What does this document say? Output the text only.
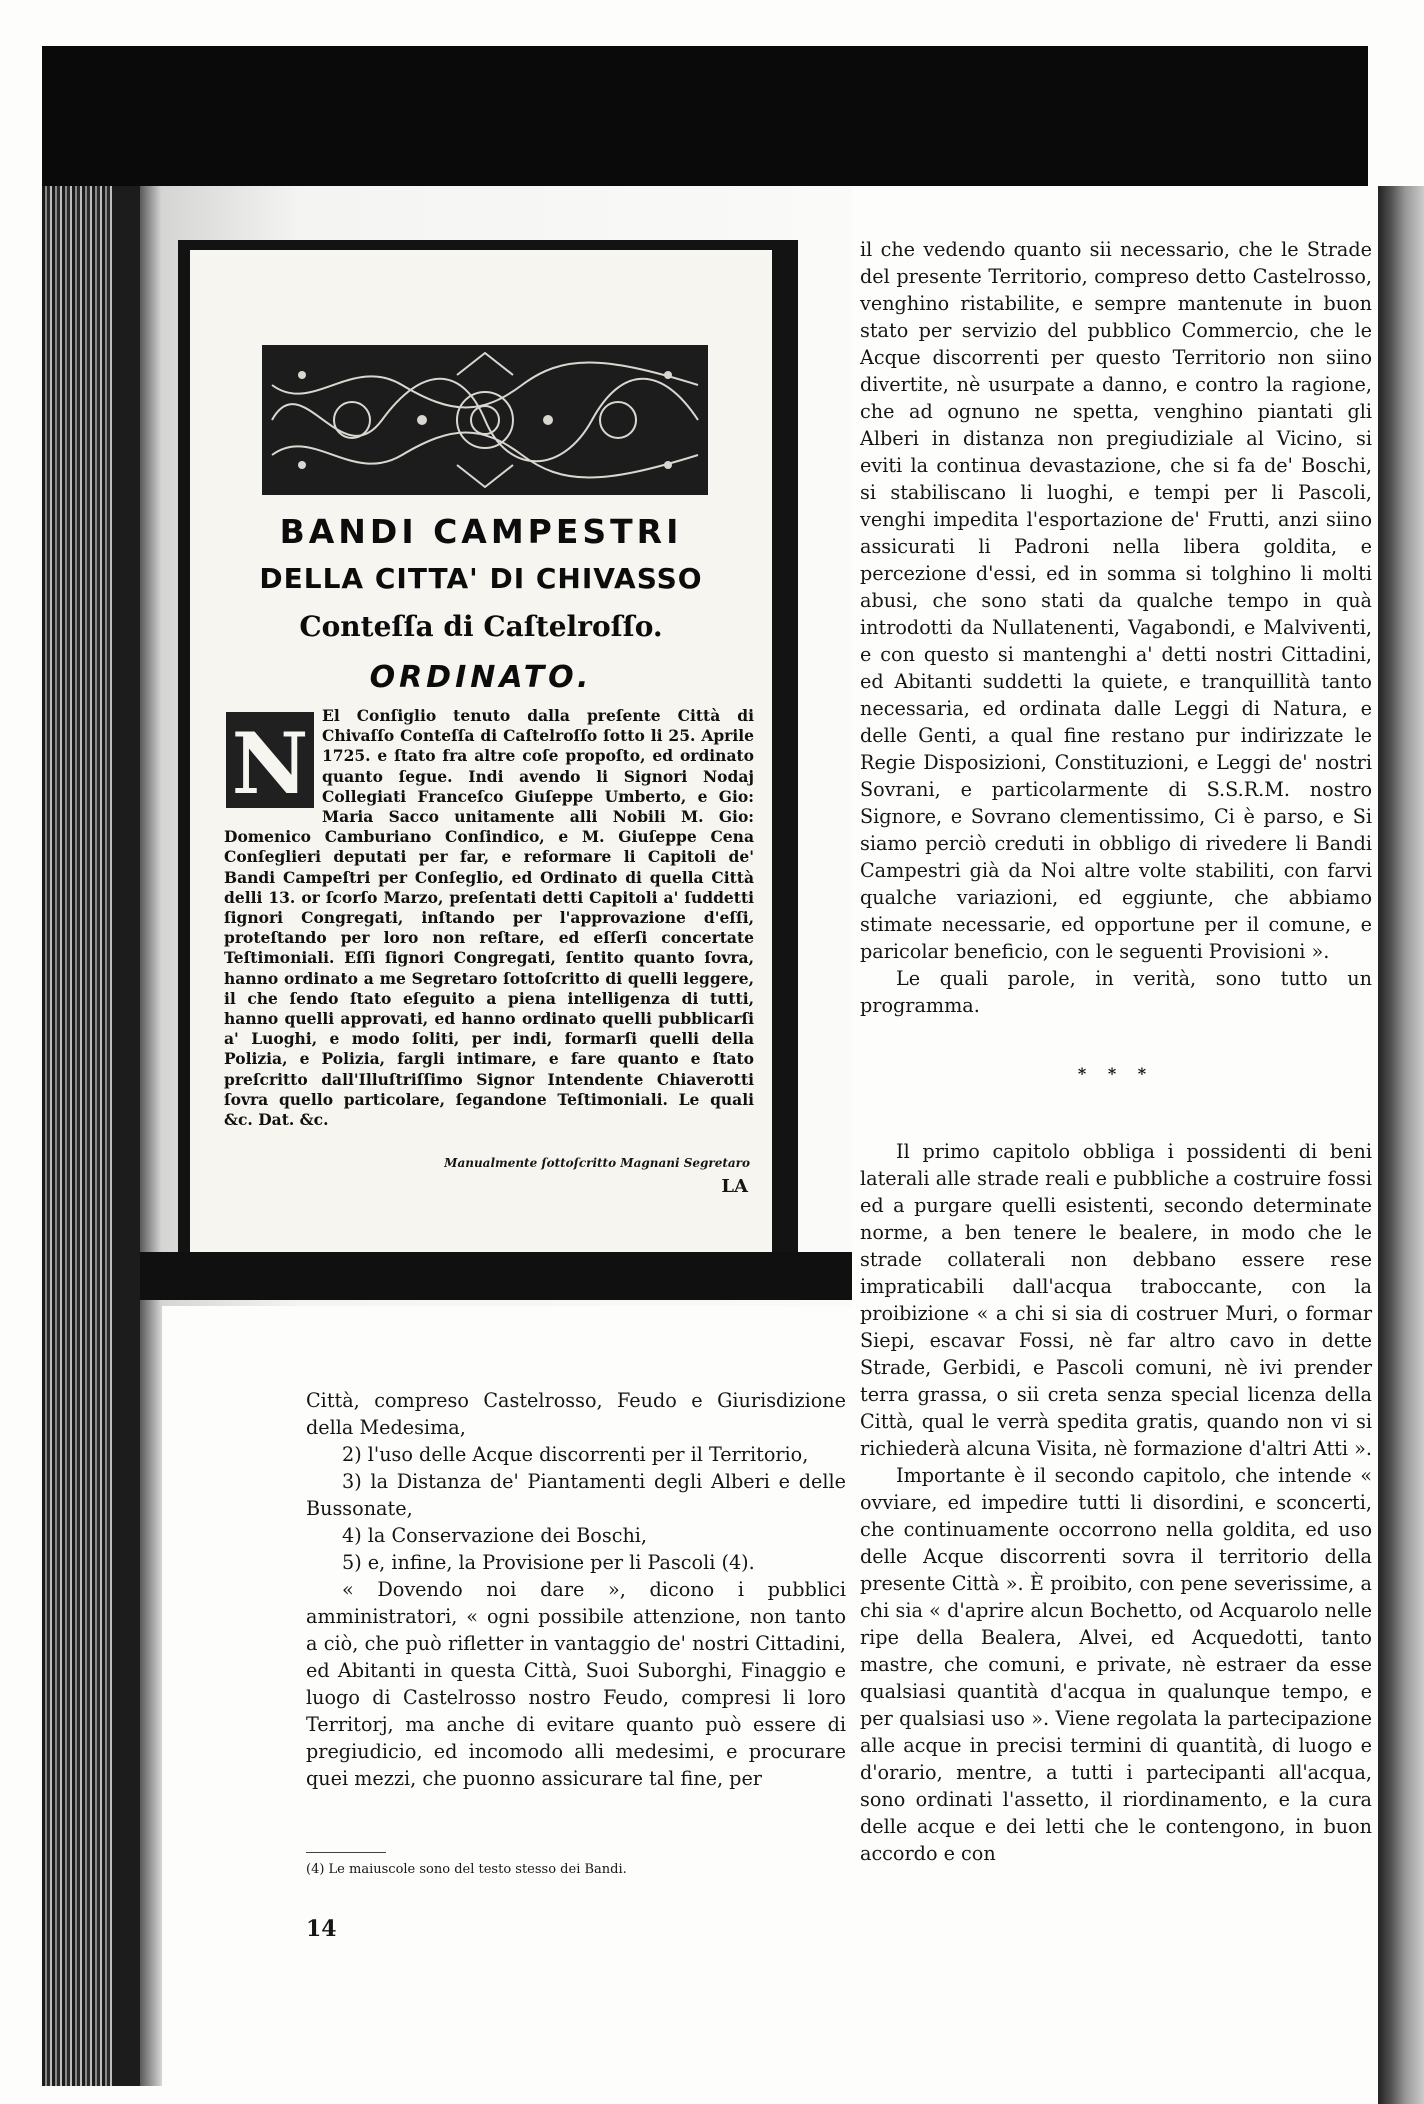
BANDI CAMPESTRI
DELLA CITTA' DI CHIVASSO
Conteſſa di Caſtelroſſo.
ORDINATO.
N El Conſiglio tenuto dalla preſente Città di Chivaſſo Conteſſa di Caſtelroſſo ſotto li 25. Aprile 1725. e ſtato fra altre coſe propoſto, ed ordinato quanto ſegue. Indi avendo li Signori Nodaj Collegiati Franceſco Giuſeppe Umberto, e Gio: Maria Sacco unitamente alli Nobili M. Gio: Domenico Camburiano Conſindico, e M. Giuſeppe Cena Conſeglieri deputati per far, e reformare li Capitoli de' Bandi Campeſtri per Conſeglio, ed Ordinato di quella Città delli 13. or ſcorſo Marzo, preſentati detti Capitoli a' ſuddetti ſignori Congregati, inſtando per l'approvazione d'eſſi, proteſtando per loro non reſtare, ed eſſerſi concertate Teſtimoniali. Eſſi ſignori Congregati, ſentito quanto ſovra, hanno ordinato a me Segretaro ſottoſcritto di quelli leggere, il che ſendo ſtato eſeguito a piena intelligenza di tutti, hanno quelli approvati, ed hanno ordinato quelli pubblicarſi a' Luoghi, e modo ſoliti, per indi, formarſi quelli della Polizia, e Polizia, fargli intimare, e fare quanto e ſtato preſcritto dall'Illuſtriſſimo Signor Intendente Chiaverotti ſovra quello particolare, ſegandone Teſtimoniali. Le quali &c. Dat. &c.
Manualmente ſottoſcritto Magnani Segretaro
LA

Città, compreso Castelrosso, Feudo e Giurisdizione della Medesima,

2) l'uso delle Acque discorrenti per il Territorio,

3) la Distanza de' Piantamenti degli Alberi e delle Bussonate,

4) la Conservazione dei Boschi,

5) e, infine, la Provisione per li Pascoli (4).

« Dovendo noi dare », dicono i pubblici amministratori, « ogni possibile attenzione, non tanto a ciò, che può rifletter in vantaggio de' nostri Cittadini, ed Abitanti in questa Città, Suoi Suborghi, Finaggio e luogo di Castelrosso nostro Feudo, compresi li loro Territorj, ma anche di evitare quanto può essere di pregiudicio, ed incomodo alli medesimi, e procurare quei mezzi, che puonno assicurare tal fine, per

il che vedendo quanto sii necessario, che le Strade del presente Territorio, compreso detto Castelrosso, venghino ristabilite, e sempre mantenute in buon stato per servizio del pubblico Commercio, che le Acque discorrenti per questo Territorio non siino divertite, nè usurpate a danno, e contro la ragione, che ad ognuno ne spetta, venghino piantati gli Alberi in distanza non pregiudiziale al Vicino, si eviti la continua devastazione, che si fa de' Boschi, si stabiliscano li luoghi, e tempi per li Pascoli, venghi impedita l'esportazione de' Frutti, anzi siino assicurati li Padroni nella libera goldita, e percezione d'essi, ed in somma si tolghino li molti abusi, che sono stati da qualche tempo in quà introdotti da Nullatenenti, Vagabondi, e Malviventi, e con questo si mantenghi a' detti nostri Cittadini, ed Abitanti suddetti la quiete, e tranquillità tanto necessaria, ed ordinata dalle Leggi di Natura, e delle Genti, a qual fine restano pur indirizzate le Regie Disposizioni, Constituzioni, e Leggi de' nostri Sovrani, e particolarmente di S.S.R.M. nostro Signore, e Sovrano clementissimo, Ci è parso, e Si siamo perciò creduti in obbligo di rivedere li Bandi Campestri già da Noi altre volte stabiliti, con farvi qualche variazioni, ed eggiunte, che abbiamo stimate necessarie, ed opportune per il comune, e paricolar beneficio, con le seguenti Provisioni ».

Le quali parole, in verità, sono tutto un programma.

* * *

Il primo capitolo obbliga i possidenti di beni laterali alle strade reali e pubbliche a costruire fossi ed a purgare quelli esistenti, secondo determinate norme, a ben tenere le bealere, in modo che le strade collaterali non debbano essere rese impraticabili dall'acqua traboccante, con la proibizione « a chi si sia di costruer Muri, o formar Siepi, escavar Fossi, nè far altro cavo in dette Strade, Gerbidi, e Pascoli comuni, nè ivi prender terra grassa, o sii creta senza special licenza della Città, qual le verrà spedita gratis, quando non vi si richiederà alcuna Visita, nè formazione d'altri Atti ».

Importante è il secondo capitolo, che intende « ovviare, ed impedire tutti li disordini, e sconcerti, che continuamente occorrono nella goldita, ed uso delle Acque discorrenti sovra il territorio della presente Città ». È proibito, con pene severissime, a chi sia « d'aprire alcun Bochetto, od Acquarolo nelle ripe della Bealera, Alvei, ed Acquedotti, tanto mastre, che comuni, e private, nè estraer da esse qualsiasi quantità d'acqua in qualunque tempo, e per qualsiasi uso ». Viene regolata la partecipazione alle acque in precisi termini di quantità, di luogo e d'orario, mentre, a tutti i partecipanti all'acqua, sono ordinati l'assetto, il riordinamento, e la cura delle acque e dei letti che le contengono, in buon accordo e con

(4) Le maiuscole sono del testo stesso dei Bandi.
14
